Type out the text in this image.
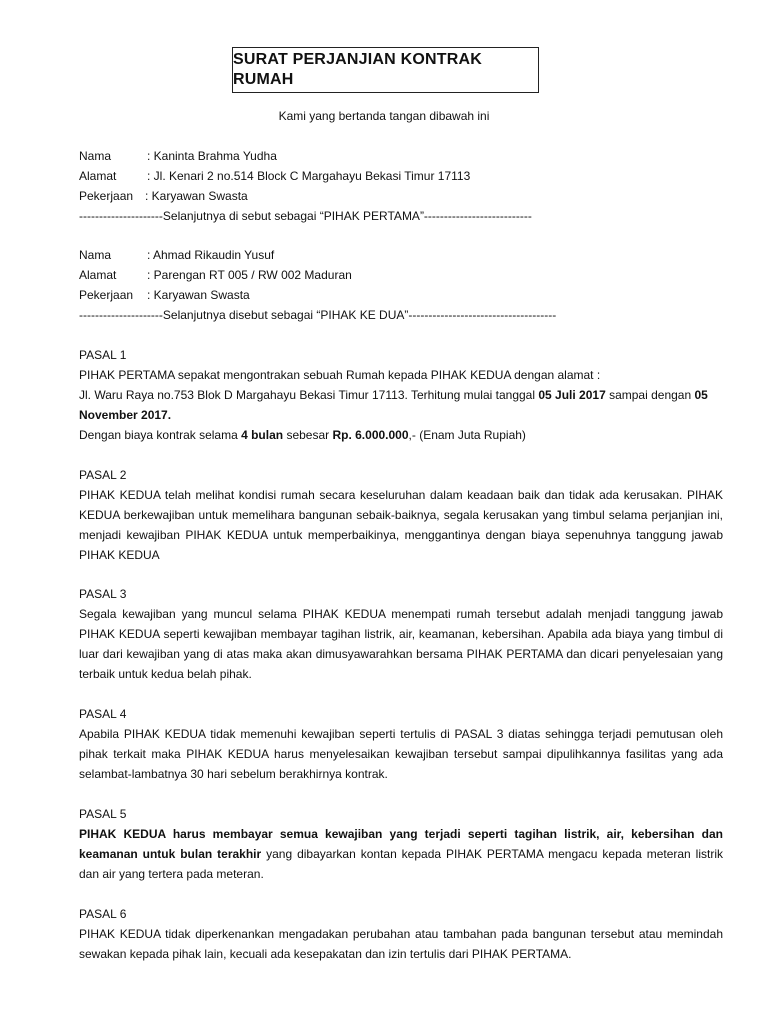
SURAT PERJANJIAN KONTRAK RUMAH
Kami yang bertanda tangan dibawah ini
Nama	: Kaninta Brahma Yudha
Alamat	: Jl. Kenari 2 no.514 Block C Margahayu Bekasi Timur 17113
Pekerjaan : Karyawan Swasta
---------------------Selanjutnya di sebut sebagai “PIHAK PERTAMA”---------------------------
Nama	: Ahmad Rikaudin Yusuf
Alamat	: Parengan RT 005 / RW 002 Maduran
Pekerjaan	: Karyawan Swasta
---------------------Selanjutnya disebut sebagai “PIHAK KE DUA”-------------------------------------
PASAL 1
PIHAK PERTAMA sepakat mengontrakan sebuah Rumah kepada PIHAK KEDUA dengan alamat :
Jl. Waru Raya no.753 Blok D Margahayu Bekasi Timur 17113. Terhitung mulai tanggal 05 Juli 2017 sampai dengan 05 November 2017.
Dengan biaya kontrak selama 4 bulan sebesar Rp. 6.000.000,- (Enam Juta Rupiah)
PASAL 2
PIHAK KEDUA telah melihat kondisi rumah secara keseluruhan dalam keadaan baik dan tidak ada kerusakan. PIHAK KEDUA berkewajiban untuk memelihara bangunan sebaik-baiknya, segala kerusakan yang timbul selama perjanjian ini, menjadi kewajiban PIHAK KEDUA untuk memperbaikinya, menggantinya dengan biaya sepenuhnya tanggung jawab PIHAK KEDUA
PASAL 3
Segala kewajiban yang muncul selama PIHAK KEDUA menempati rumah tersebut adalah menjadi tanggung jawab PIHAK KEDUA seperti kewajiban membayar tagihan listrik, air, keamanan, kebersihan. Apabila ada biaya yang timbul di luar dari kewajiban yang di atas maka akan dimusyawarahkan bersama PIHAK PERTAMA dan dicari penyelesaian yang terbaik untuk kedua belah pihak.
PASAL 4
Apabila PIHAK KEDUA tidak memenuhi kewajiban seperti tertulis di PASAL 3 diatas sehingga terjadi pemutusan oleh pihak terkait maka PIHAK KEDUA harus menyelesaikan kewajiban tersebut sampai dipulihkannya fasilitas yang ada selambat-lambatnya 30 hari sebelum berakhirnya kontrak.
PASAL 5
PIHAK KEDUA harus membayar semua kewajiban yang terjadi seperti tagihan listrik, air, kebersihan dan keamanan untuk bulan terakhir yang dibayarkan kontan kepada PIHAK PERTAMA mengacu kepada meteran listrik dan air yang tertera pada meteran.
PASAL 6
PIHAK KEDUA tidak diperkenankan mengadakan perubahan atau tambahan pada bangunan tersebut atau memindah sewakan kepada pihak lain, kecuali ada kesepakatan dan izin tertulis dari PIHAK PERTAMA.
